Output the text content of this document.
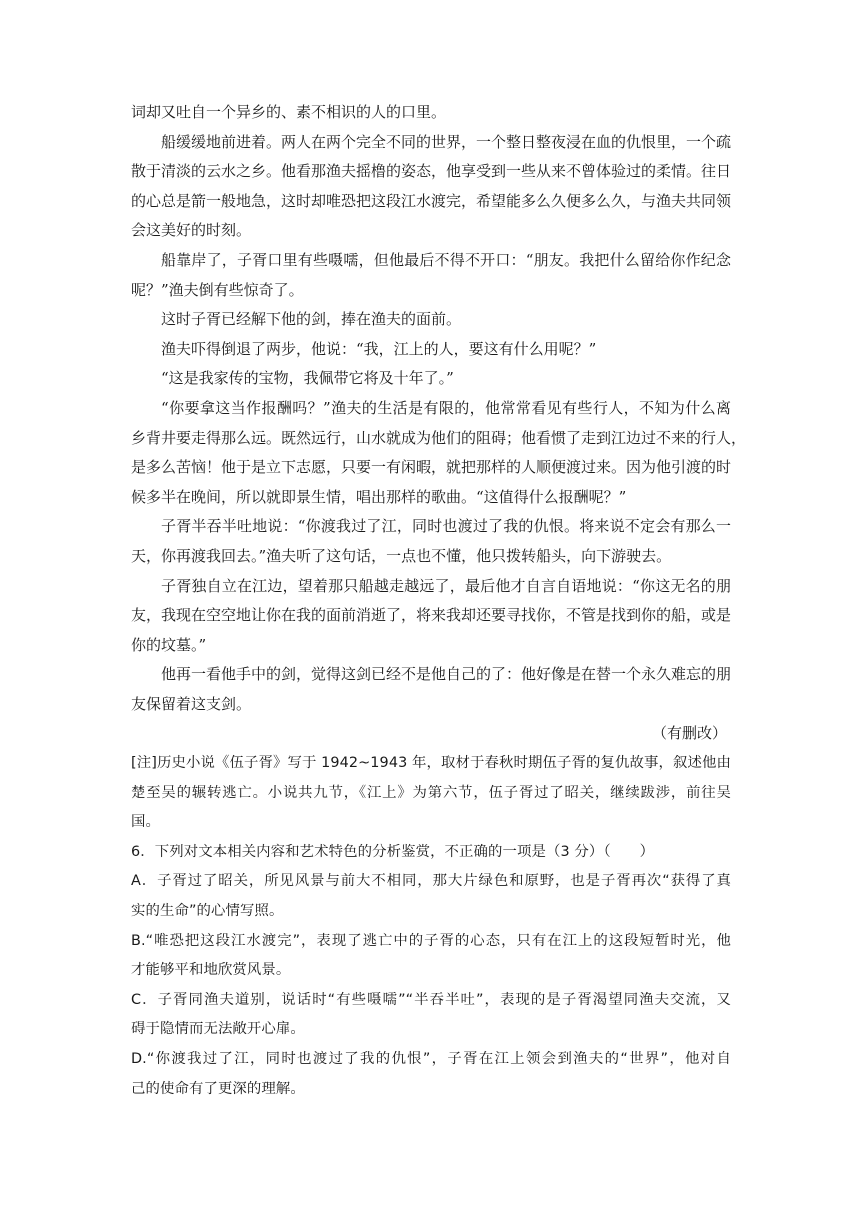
词却又吐自一个异乡的、素不相识的人的口里。

船缓缓地前进着。两人在两个完全不同的世界，一个整日整夜浸在血的仇恨里，一个疏

散于清淡的云水之乡。他看那渔夫摇橹的姿态，他享受到一些从来不曾体验过的柔情。往日

的心总是箭一般地急，这时却唯恐把这段江水渡完，希望能多么久便多么久，与渔夫共同领

会这美好的时刻。

船靠岸了，子胥口里有些嗫嚅，但他最后不得不开口：“朋友。我把什么留给你作纪念

呢？”渔夫倒有些惊奇了。

这时子胥已经解下他的剑，捧在渔夫的面前。

渔夫吓得倒退了两步，他说：“我，江上的人，要这有什么用呢？”

“这是我家传的宝物，我佩带它将及十年了。”

“你要拿这当作报酬吗？”渔夫的生活是有限的，他常常看见有些行人，不知为什么离

乡背井要走得那么远。既然远行，山水就成为他们的阻碍；他看惯了走到江边过不来的行人，

是多么苦恼！他于是立下志愿，只要一有闲暇，就把那样的人顺便渡过来。因为他引渡的时

候多半在晚间，所以就即景生情，唱出那样的歌曲。“这值得什么报酬呢？”

子胥半吞半吐地说：“你渡我过了江，同时也渡过了我的仇恨。将来说不定会有那么一

天，你再渡我回去。”渔夫听了这句话，一点也不懂，他只拨转船头，向下游驶去。

子胥独自立在江边，望着那只船越走越远了，最后他才自言自语地说：“你这无名的朋

友，我现在空空地让你在我的面前消逝了，将来我却还要寻找你，不管是找到你的船，或是

你的坟墓。”

他再一看他手中的剑，觉得这剑已经不是他自己的了：他好像是在替一个永久难忘的朋

友保留着这支剑。

（有删改）

[注]历史小说《伍子胥》写于 1942~1943 年，取材于春秋时期伍子胥的复仇故事，叙述他由

楚至吴的辗转逃亡。小说共九节，《江上》为第六节，伍子胥过了昭关，继续跋涉，前往吴

国。

6．下列对文本相关内容和艺术特色的分析鉴赏，不正确的一项是（3 分）（　　）

A．子胥过了昭关，所见风景与前大不相同，那大片绿色和原野，也是子胥再次“获得了真

实的生命”的心情写照。

B.“唯恐把这段江水渡完”，表现了逃亡中的子胥的心态，只有在江上的这段短暂时光，他

才能够平和地欣赏风景。

C．子胥同渔夫道别，说话时“有些嗫嚅”“半吞半吐”，表现的是子胥渴望同渔夫交流，又

碍于隐情而无法敞开心扉。

D.“你渡我过了江，同时也渡过了我的仇恨”，子胥在江上领会到渔夫的“世界”，他对自

己的使命有了更深的理解。
